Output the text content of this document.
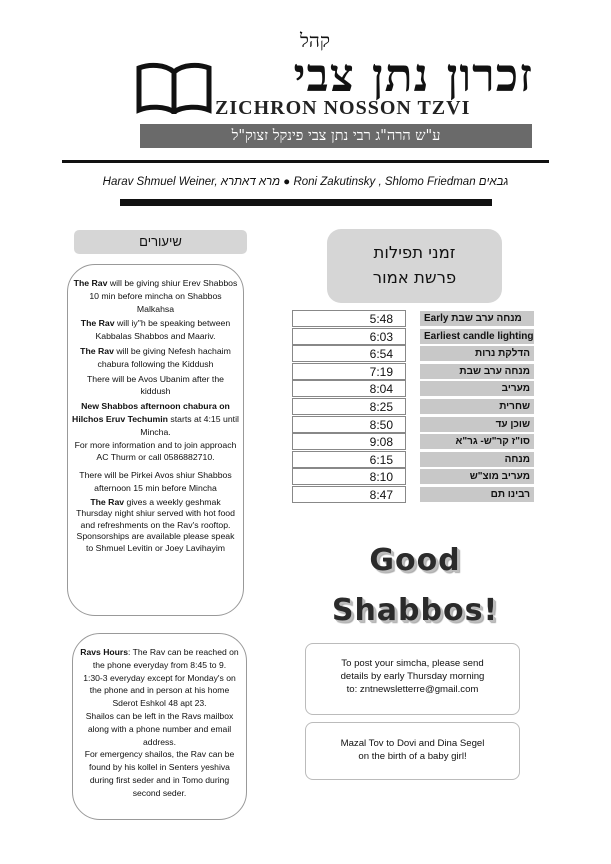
קהל
זכרון נתן צבי
ZICHRON NOSSON TZVI
ע"ש הרה"ג רבי נתן צבי פינקל זצוק"ל
Harav Shmuel Weiner, מרא דאתרא ● Roni Zakutinsky , Shlomo Friedman גבאים
שיעורים

The Rav will be giving shiur Erev Shabbos 10 min before mincha on Shabbos Malkahsa

The Rav will iy"h be speaking between Kabbalas Shabbos and Maariv.

The Rav will be giving Nefesh hachaim chabura following the Kiddush

There will be Avos Ubanim after the kiddush

New Shabbos afternoon chabura on Hilchos Eruv Techumin starts at 4:15 until Mincha.

For more information and to join approach AC Thurm or call 0586882710.

There will be Pirkei Avos shiur Shabbos afternoon 15 min before Mincha

The Rav gives a weekly geshmak Thursday night shiur served with hot food and refreshments on the Rav's rooftop. Sponsorships are available please speak to Shmuel Levitin or Joey Lavihayim

Ravs Hours: The Rav can be reached on the phone everyday from 8:45 to 9.

1:30-3 everyday except for Monday's on the phone and in person at his home Sderot Eshkol 48 apt 23.

Shailos can be left in the Ravs mailbox along with a phone number and email address.

For emergency shailos, the Rav can be found by his kollel in Senters yeshiva during first seder and in Tomo during second seder.

זמני תפילות
פרשת אמור
5:48	Early מנחה ערב שבת
6:03	Earliest candle lighting
6:54	הדלקת נרות
7:19	מנחה ערב שבת
8:04	מעריב
8:25	שחרית
8:50	שוכן עד
9:08	סו"ז קר"ש- גר"א
6:15	מנחה
8:10	מעריב מוצ"ש
8:47	רבינו תם
Good
Shabbos!
To post your simcha, please send
details by early Thursday morning
to: zntnewsletterre@gmail.com
Mazal Tov to Dovi and Dina Segel
on the birth of a baby girl!
